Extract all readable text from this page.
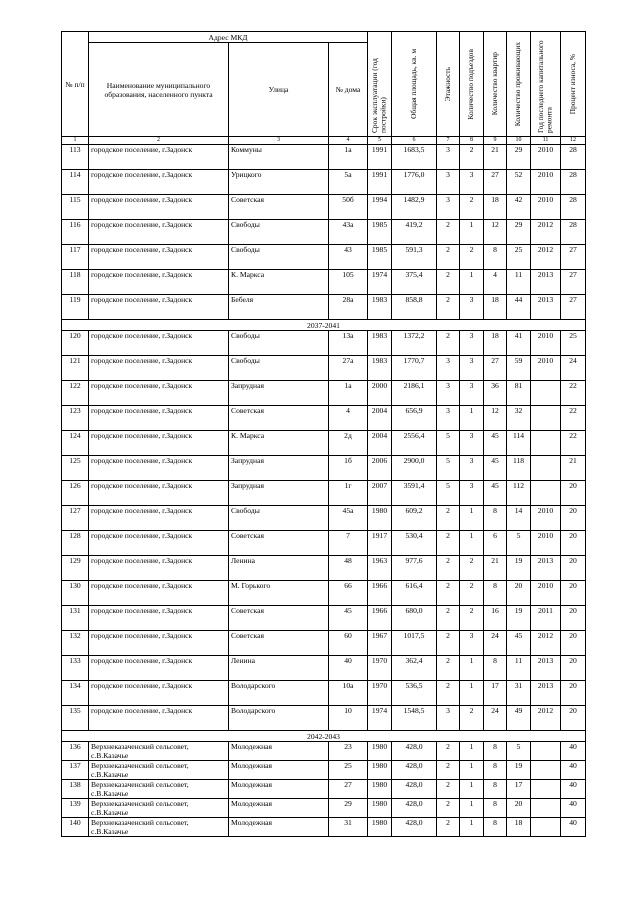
№ п/п	Адрес МКД			Срок эксплуатации (год постройки)	Общая площадь, кв. м	Этажность	Количество подъездов	Количество квартир	Количество проживающих	Год последнего капитального ремонта	Процент износа, %

	Наименование муниципального образования, населенного пункта	Улица	№ дома								
1	2	3	4	5	6	7	8	9	10	11	12
113	городское поселение, г.Задонск	Коммуны	1а	1991	1683,5	3	2	21	29	2010	28
114	городское поселение, г.Задонск	Урицкого	5а	1991	1776,0	3	3	27	52	2010	28
115	городское поселение, г.Задонск	Советская	50б	1994	1482,9	3	2	18	42	2010	28
116	городское поселение, г.Задонск	Свободы	43а	1985	419,2	2	1	12	29	2012	28
117	городское поселение, г.Задонск	Свободы	43	1985	591,3	2	2	8	25	2012	27
118	городское поселение, г.Задонск	К. Маркса	105	1974	375,4	2	1	4	11	2013	27
119	городское поселение, г.Задонск	Бебеля	28а	1983	858,8	2	3	18	44	2013	27
2037-2041											
120	городское поселение, г.Задонск	Свободы	13а	1983	1372,2	2	3	18	41	2010	25
121	городское поселение, г.Задонск	Свободы	27а	1983	1770,7	3	3	27	59	2010	24
122	городское поселение, г.Задонск	Запрудная	1а	2000	2186,1	3	3	36	81		22
123	городское поселение, г.Задонск	Советская	4	2004	656,9	3	1	12	32		22
124	городское поселение, г.Задонск	К. Маркса	2д	2004	2556,4	5	3	45	114		22
125	городское поселение, г.Задонск	Запрудная	1б	2006	2900,0	5	3	45	118		21
126	городское поселение, г.Задонск	Запрудная	1г	2007	3591,4	5	3	45	112		20
127	городское поселение, г.Задонск	Свободы	45а	1980	609,2	2	1	8	14	2010	20
128	городское поселение, г.Задонск	Советская	7	1917	530,4	2	1	6	5	2010	20
129	городское поселение, г.Задонск	Ленина	48	1963	977,6	2	2	21	19	2013	20
130	городское поселение, г.Задонск	М. Горького	66	1966	616,4	2	2	8	20	2010	20
131	городское поселение, г.Задонск	Советская	45	1966	680,0	2	2	16	19	2011	20
132	городское поселение, г.Задонск	Советская	60	1967	1017,5	2	3	24	45	2012	20
133	городское поселение, г.Задонск	Ленина	40	1970	362,4	2	1	8	11	2013	20
134	городское поселение, г.Задонск	Володарского	10а	1970	536,5	2	1	17	31	2013	20
135	городское поселение, г.Задонск	Володарского	10	1974	1548,5	3	2	24	49	2012	20
2042-2043											
136	Верхнеказаченский сельсовет, с.В.Казачье	Молодежная	23	1980	428,0	2	1	8	5		40
137	Верхнеказаченский сельсовет, с.В.Казачье	Молодежная	25	1980	428,0	2	1	8	19		40
138	Верхнеказаченский сельсовет, с.В.Казачье	Молодежная	27	1980	428,0	2	1	8	17		40
139	Верхнеказаченский сельсовет, с.В.Казачье	Молодежная	29	1980	428,0	2	1	8	20		40
140	Верхнеказаченский сельсовет, с.В.Казачье	Молодежная	31	1980	428,0	2	1	8	18		40
